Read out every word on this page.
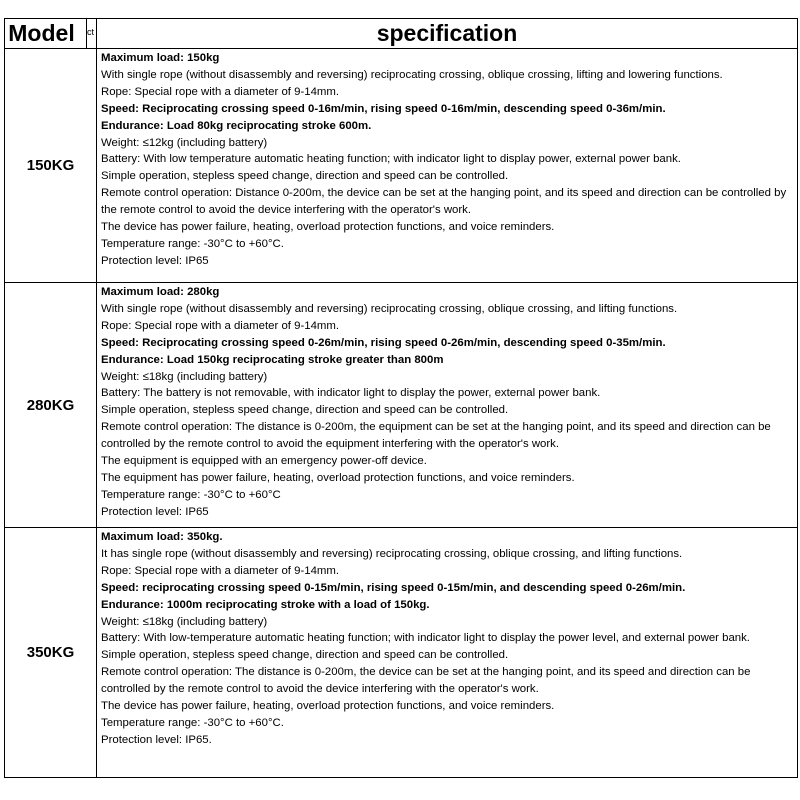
Model ct	specification
150KG
Maximum load: 150kg
With single rope (without disassembly and reversing) reciprocating crossing, oblique crossing, lifting and lowering functions.
Rope: Special rope with a diameter of 9-14mm.
Speed: Reciprocating crossing speed 0-16m/min, rising speed 0-16m/min, descending speed 0-36m/min.
Endurance: Load 80kg reciprocating stroke 600m.
Weight: ≤12kg (including battery)
Battery: With low temperature automatic heating function; with indicator light to display power, external power bank.
Simple operation, stepless speed change, direction and speed can be controlled.
Remote control operation: Distance 0-200m, the device can be set at the hanging point, and its speed and direction can be controlled by the remote control to avoid the device interfering with the operator's work.
The device has power failure, heating, overload protection functions, and voice reminders.
Temperature range: -30°C to +60°C.
Protection level: IP65
280KG
Maximum load: 280kg
With single rope (without disassembly and reversing) reciprocating crossing, oblique crossing, and lifting functions.
Rope: Special rope with a diameter of 9-14mm.
Speed: Reciprocating crossing speed 0-26m/min, rising speed 0-26m/min, descending speed 0-35m/min.
Endurance: Load 150kg reciprocating stroke greater than 800m
Weight: ≤18kg (including battery)
Battery: The battery is not removable, with indicator light to display the power, external power bank.
Simple operation, stepless speed change, direction and speed can be controlled.
Remote control operation: The distance is 0-200m, the equipment can be set at the hanging point, and its speed and direction can be controlled by the remote control to avoid the equipment interfering with the operator's work.
The equipment is equipped with an emergency power-off device.
The equipment has power failure, heating, overload protection functions, and voice reminders.
Temperature range: -30°C to +60°C
Protection level: IP65
350KG
Maximum load: 350kg.
It has single rope (without disassembly and reversing) reciprocating crossing, oblique crossing, and lifting functions.
Rope: Special rope with a diameter of 9-14mm.
Speed: reciprocating crossing speed 0-15m/min, rising speed 0-15m/min, and descending speed 0-26m/min.
Endurance: 1000m reciprocating stroke with a load of 150kg.
Weight: ≤18kg (including battery)
Battery: With low-temperature automatic heating function; with indicator light to display the power level, and external power bank.
Simple operation, stepless speed change, direction and speed can be controlled.
Remote control operation: The distance is 0-200m, the device can be set at the hanging point, and its speed and direction can be controlled by the remote control to avoid the device interfering with the operator's work.
The device has power failure, heating, overload protection functions, and voice reminders.
Temperature range: -30°C to +60°C.
Protection level: IP65.
